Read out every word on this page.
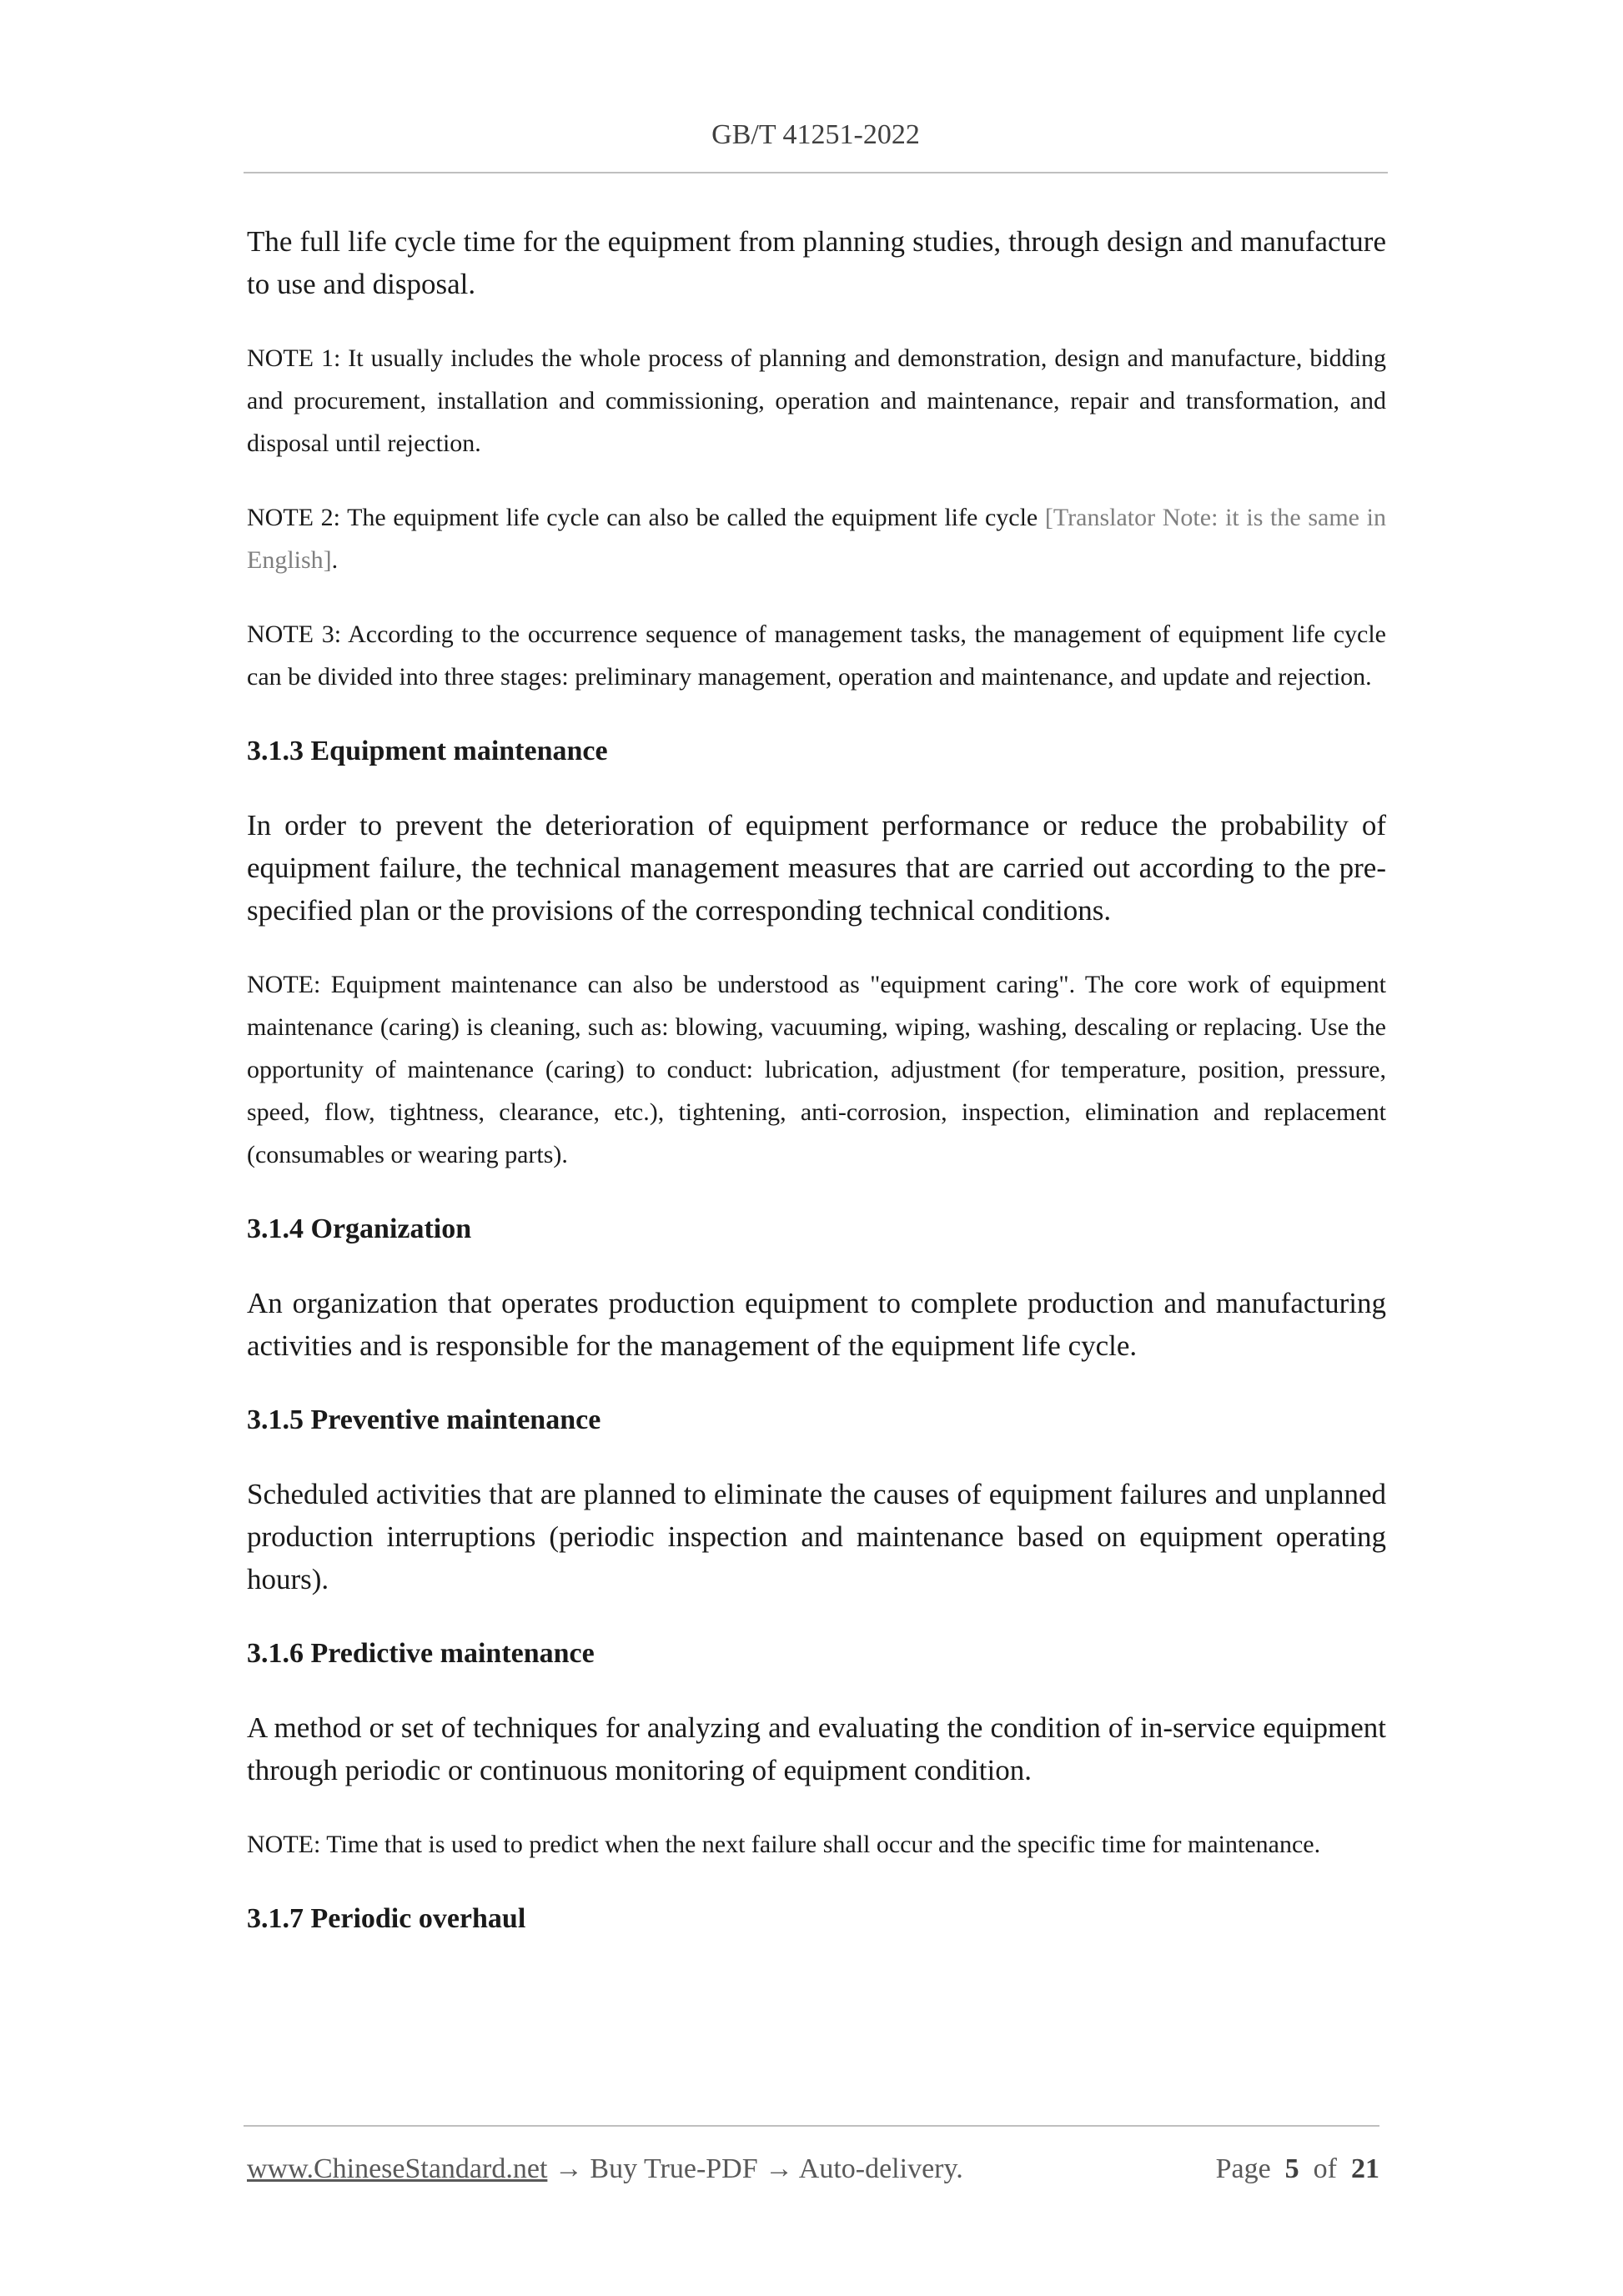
GB/T 41251-2022

The full life cycle time for the equipment from planning studies, through design and manufacture to use and disposal.

NOTE 1: It usually includes the whole process of planning and demonstration, design and manufacture, bidding and procurement, installation and commissioning, operation and maintenance, repair and transformation, and disposal until rejection.

NOTE 2: The equipment life cycle can also be called the equipment life cycle [Translator Note: it is the same in English].

NOTE 3: According to the occurrence sequence of management tasks, the management of equipment life cycle can be divided into three stages: preliminary management, operation and maintenance, and update and rejection.

3.1.3 Equipment maintenance

In order to prevent the deterioration of equipment performance or reduce the probability of equipment failure, the technical management measures that are carried out according to the pre-specified plan or the provisions of the corresponding technical conditions.

NOTE: Equipment maintenance can also be understood as "equipment caring". The core work of equipment maintenance (caring) is cleaning, such as: blowing, vacuuming, wiping, washing, descaling or replacing. Use the opportunity of maintenance (caring) to conduct: lubrication, adjustment (for temperature, position, pressure, speed, flow, tightness, clearance, etc.), tightening, anti-corrosion, inspection, elimination and replacement (consumables or wearing parts).

3.1.4 Organization

An organization that operates production equipment to complete production and manufacturing activities and is responsible for the management of the equipment life cycle.

3.1.5 Preventive maintenance

Scheduled activities that are planned to eliminate the causes of equipment failures and unplanned production interruptions (periodic inspection and maintenance based on equipment operating hours).

3.1.6 Predictive maintenance

A method or set of techniques for analyzing and evaluating the condition of in-service equipment through periodic or continuous monitoring of equipment condition.

NOTE: Time that is used to predict when the next failure shall occur and the specific time for maintenance.

3.1.7 Periodic overhaul

www.ChineseStandard.net → Buy True-PDF → Auto-delivery.	Page 5 of 21
